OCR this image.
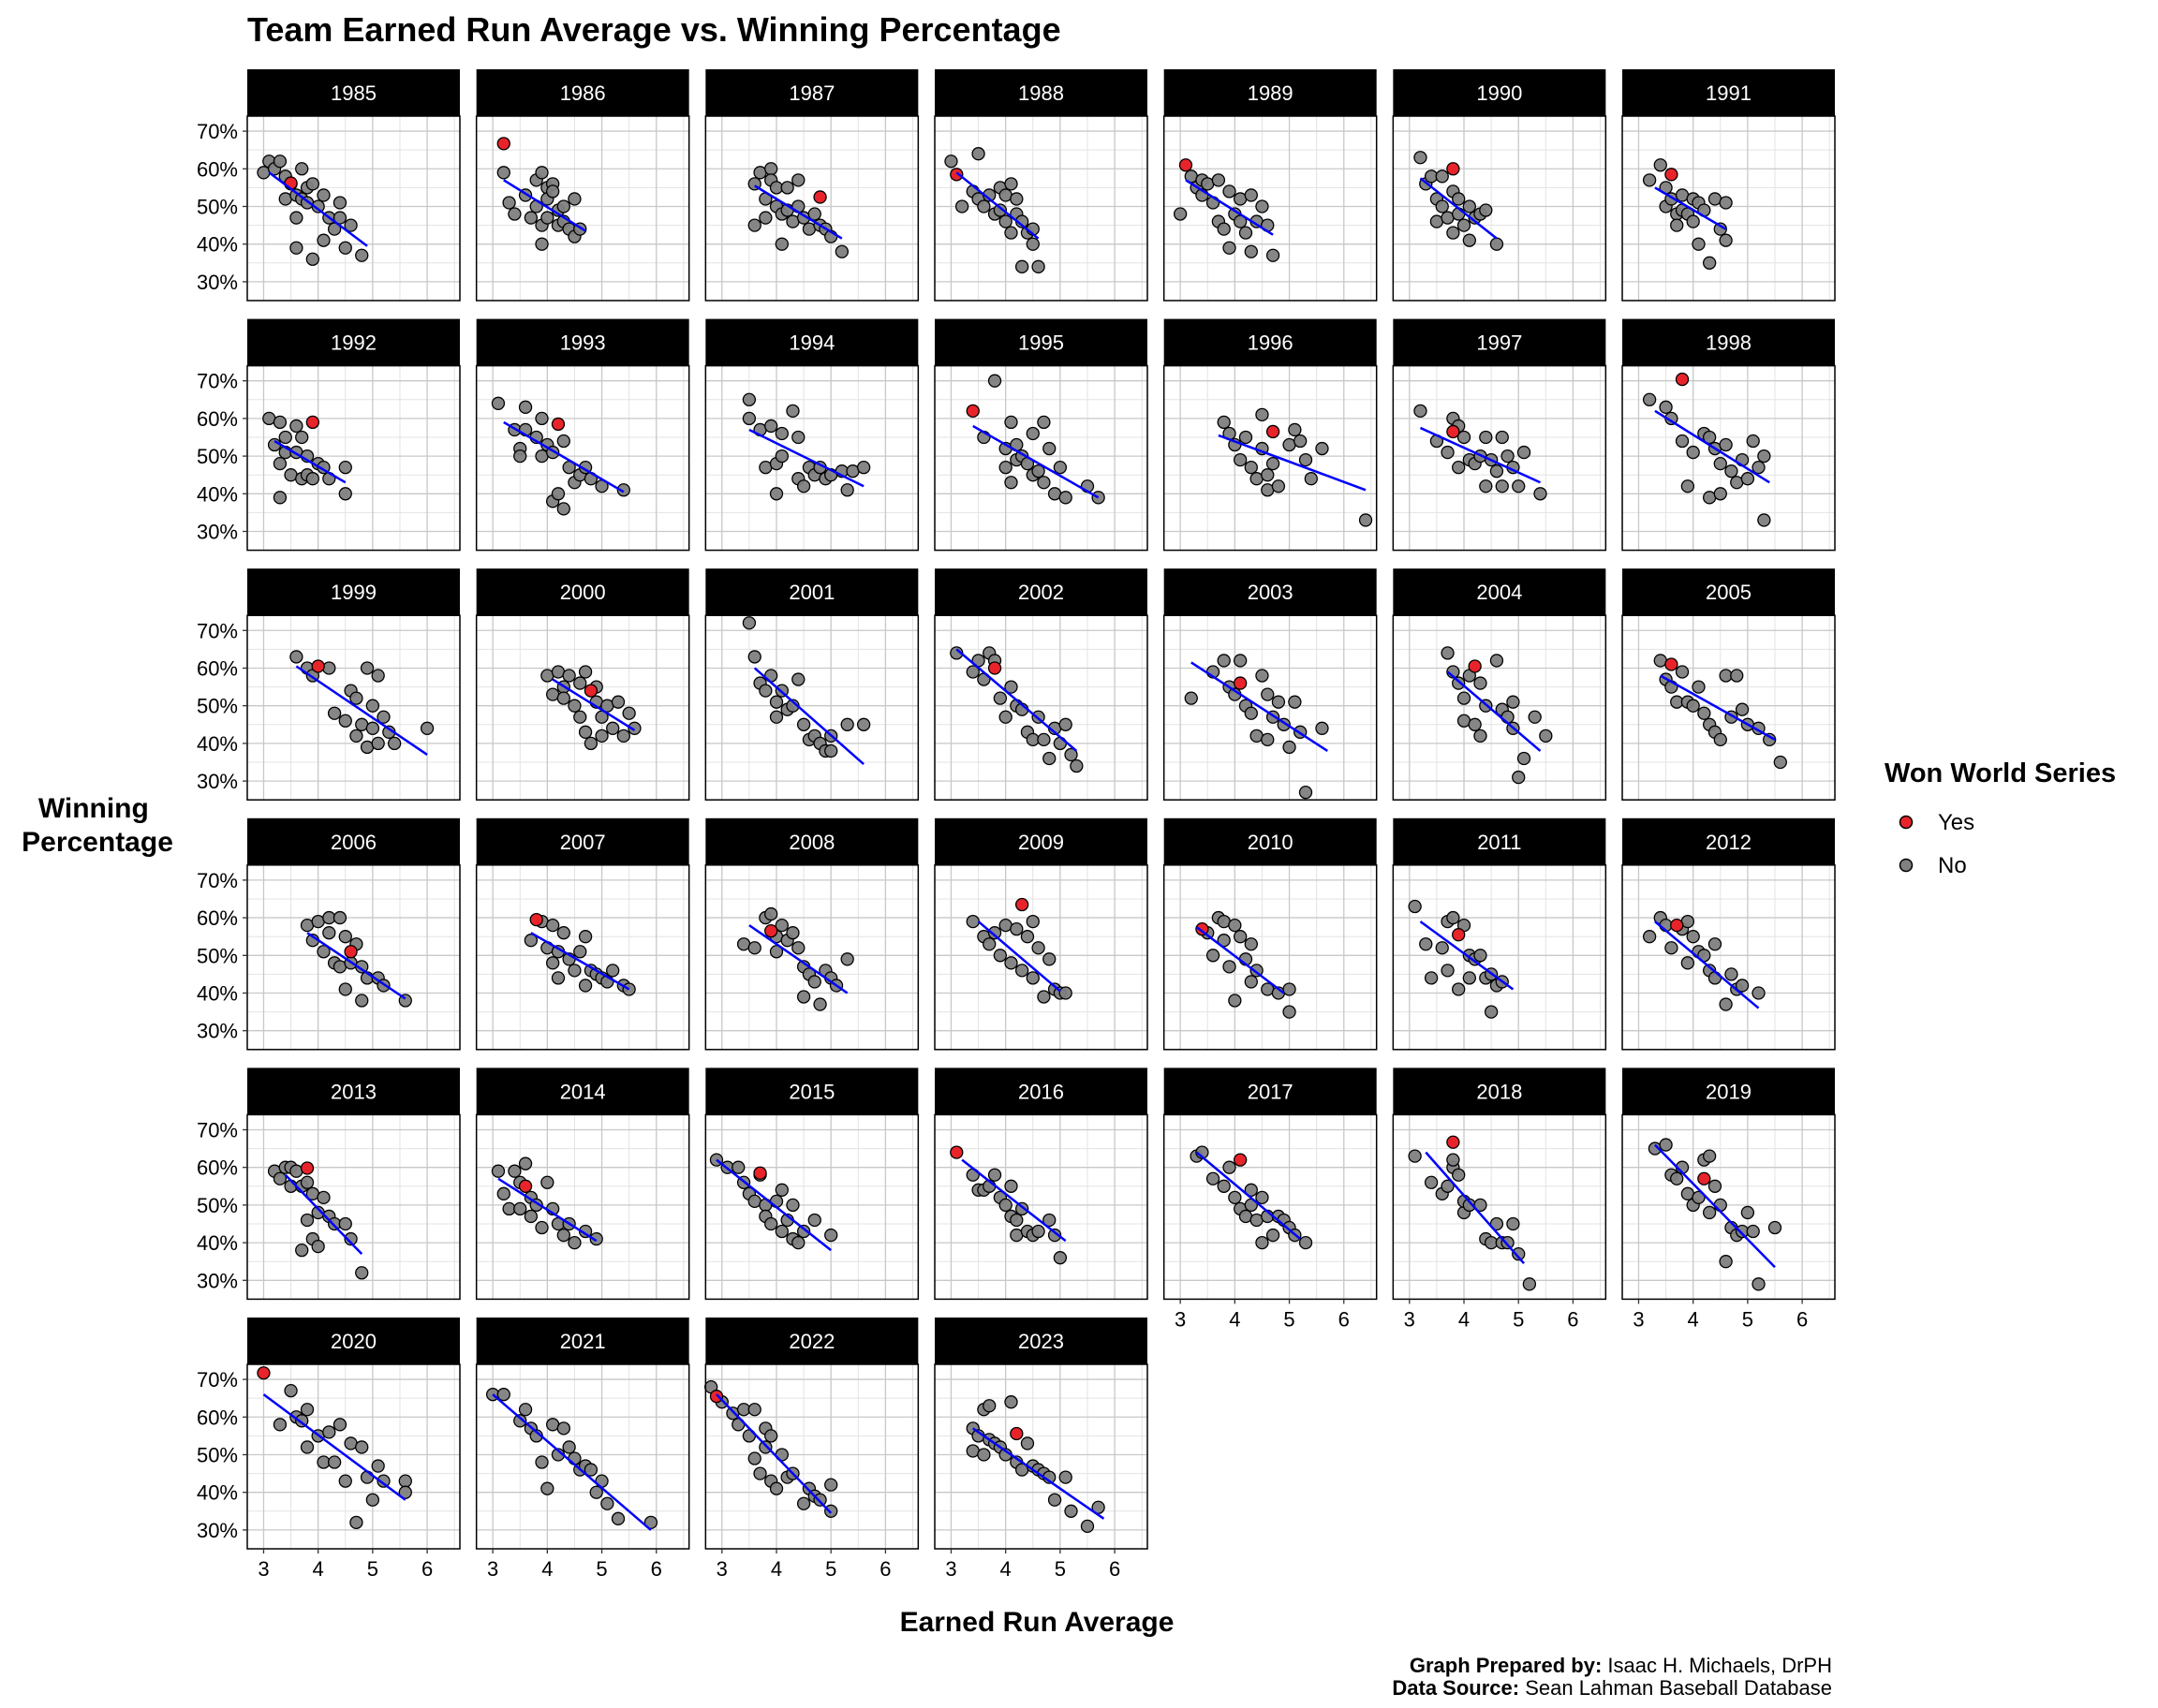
Team Earned Run Average vs. Winning Percentage
1985
30%
40%
50%
60%
70%
1986	1987	1988	1989	1990	1991
1992
30%
40%
50%
60%
70%
1993	1994	1995	1996	1997	1998
1999
30%
40%
50%
60%
70%
2000	2001	2002	2003	2004	2005
2006
30%
40%
50%
60%
70%
2007	2008	2009	2010	2011	2012
2013
30%
40%
50%
60%
70%
2014	2015	2016	2017
3 4 5 6
2018
3 4 5 6
2019
3 4 5 6
2020
30%
40%
50%
60%
70%
3 4 5 6
2021
3 4 5 6
2022
3 4 5 6
2023
3 4 5 6
Earned Run Average
Winning Percentage
Won World Series
Yes
No
Graph Prepared by: Isaac H. Michaels, DrPH
Data Source: Sean Lahman Baseball Database
